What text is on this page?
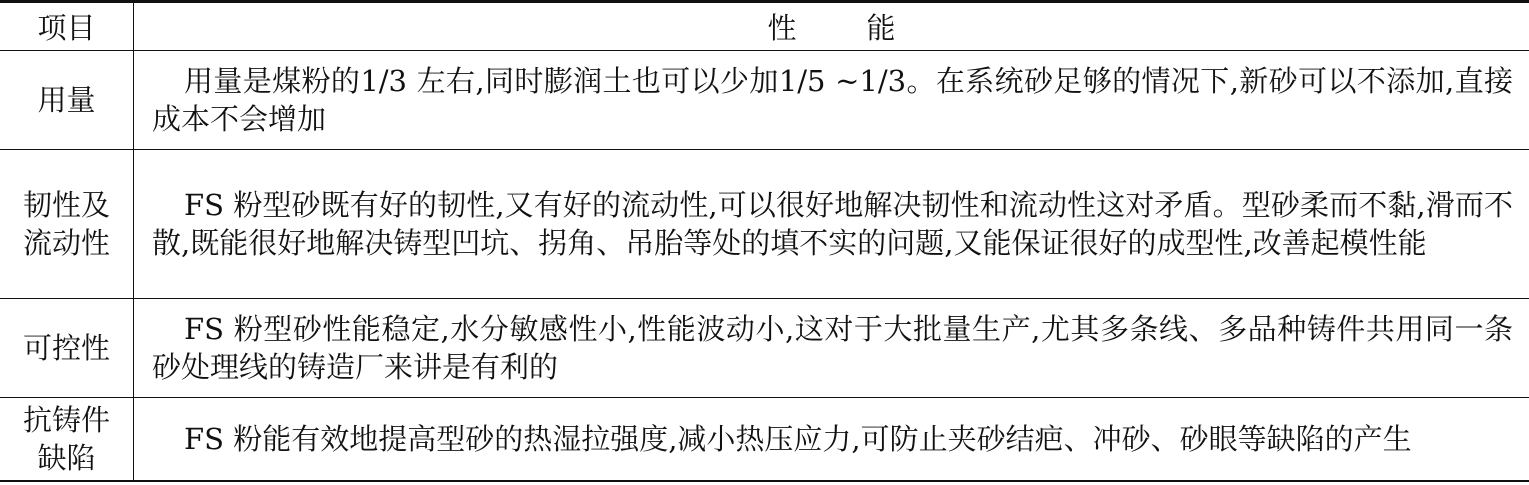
项目	性能
用量	用量是煤粉的1/3 左右,同时膨润土也可以少加1/5 ~1/3。在系统砂足够的情况下,新砂可以不添加,直接成本不会增加

韧性及流动性	FS 粉型砂既有好的韧性,又有好的流动性,可以很好地解决韧性和流动性这对矛盾。型砂柔而不黏,滑而不散,既能很好地解决铸型凹坑、拐角、吊胎等处的填不实的问题,又能保证很好的成型性,改善起模性能

可控性	FS 粉型砂性能稳定,水分敏感性小,性能波动小,这对于大批量生产,尤其多条线、多品种铸件共用同一条砂处理线的铸造厂来讲是有利的

抗铸件缺陷	FS 粉能有效地提高型砂的热湿拉强度,减小热压应力,可防止夹砂结疤、冲砂、砂眼等缺陷的产生
